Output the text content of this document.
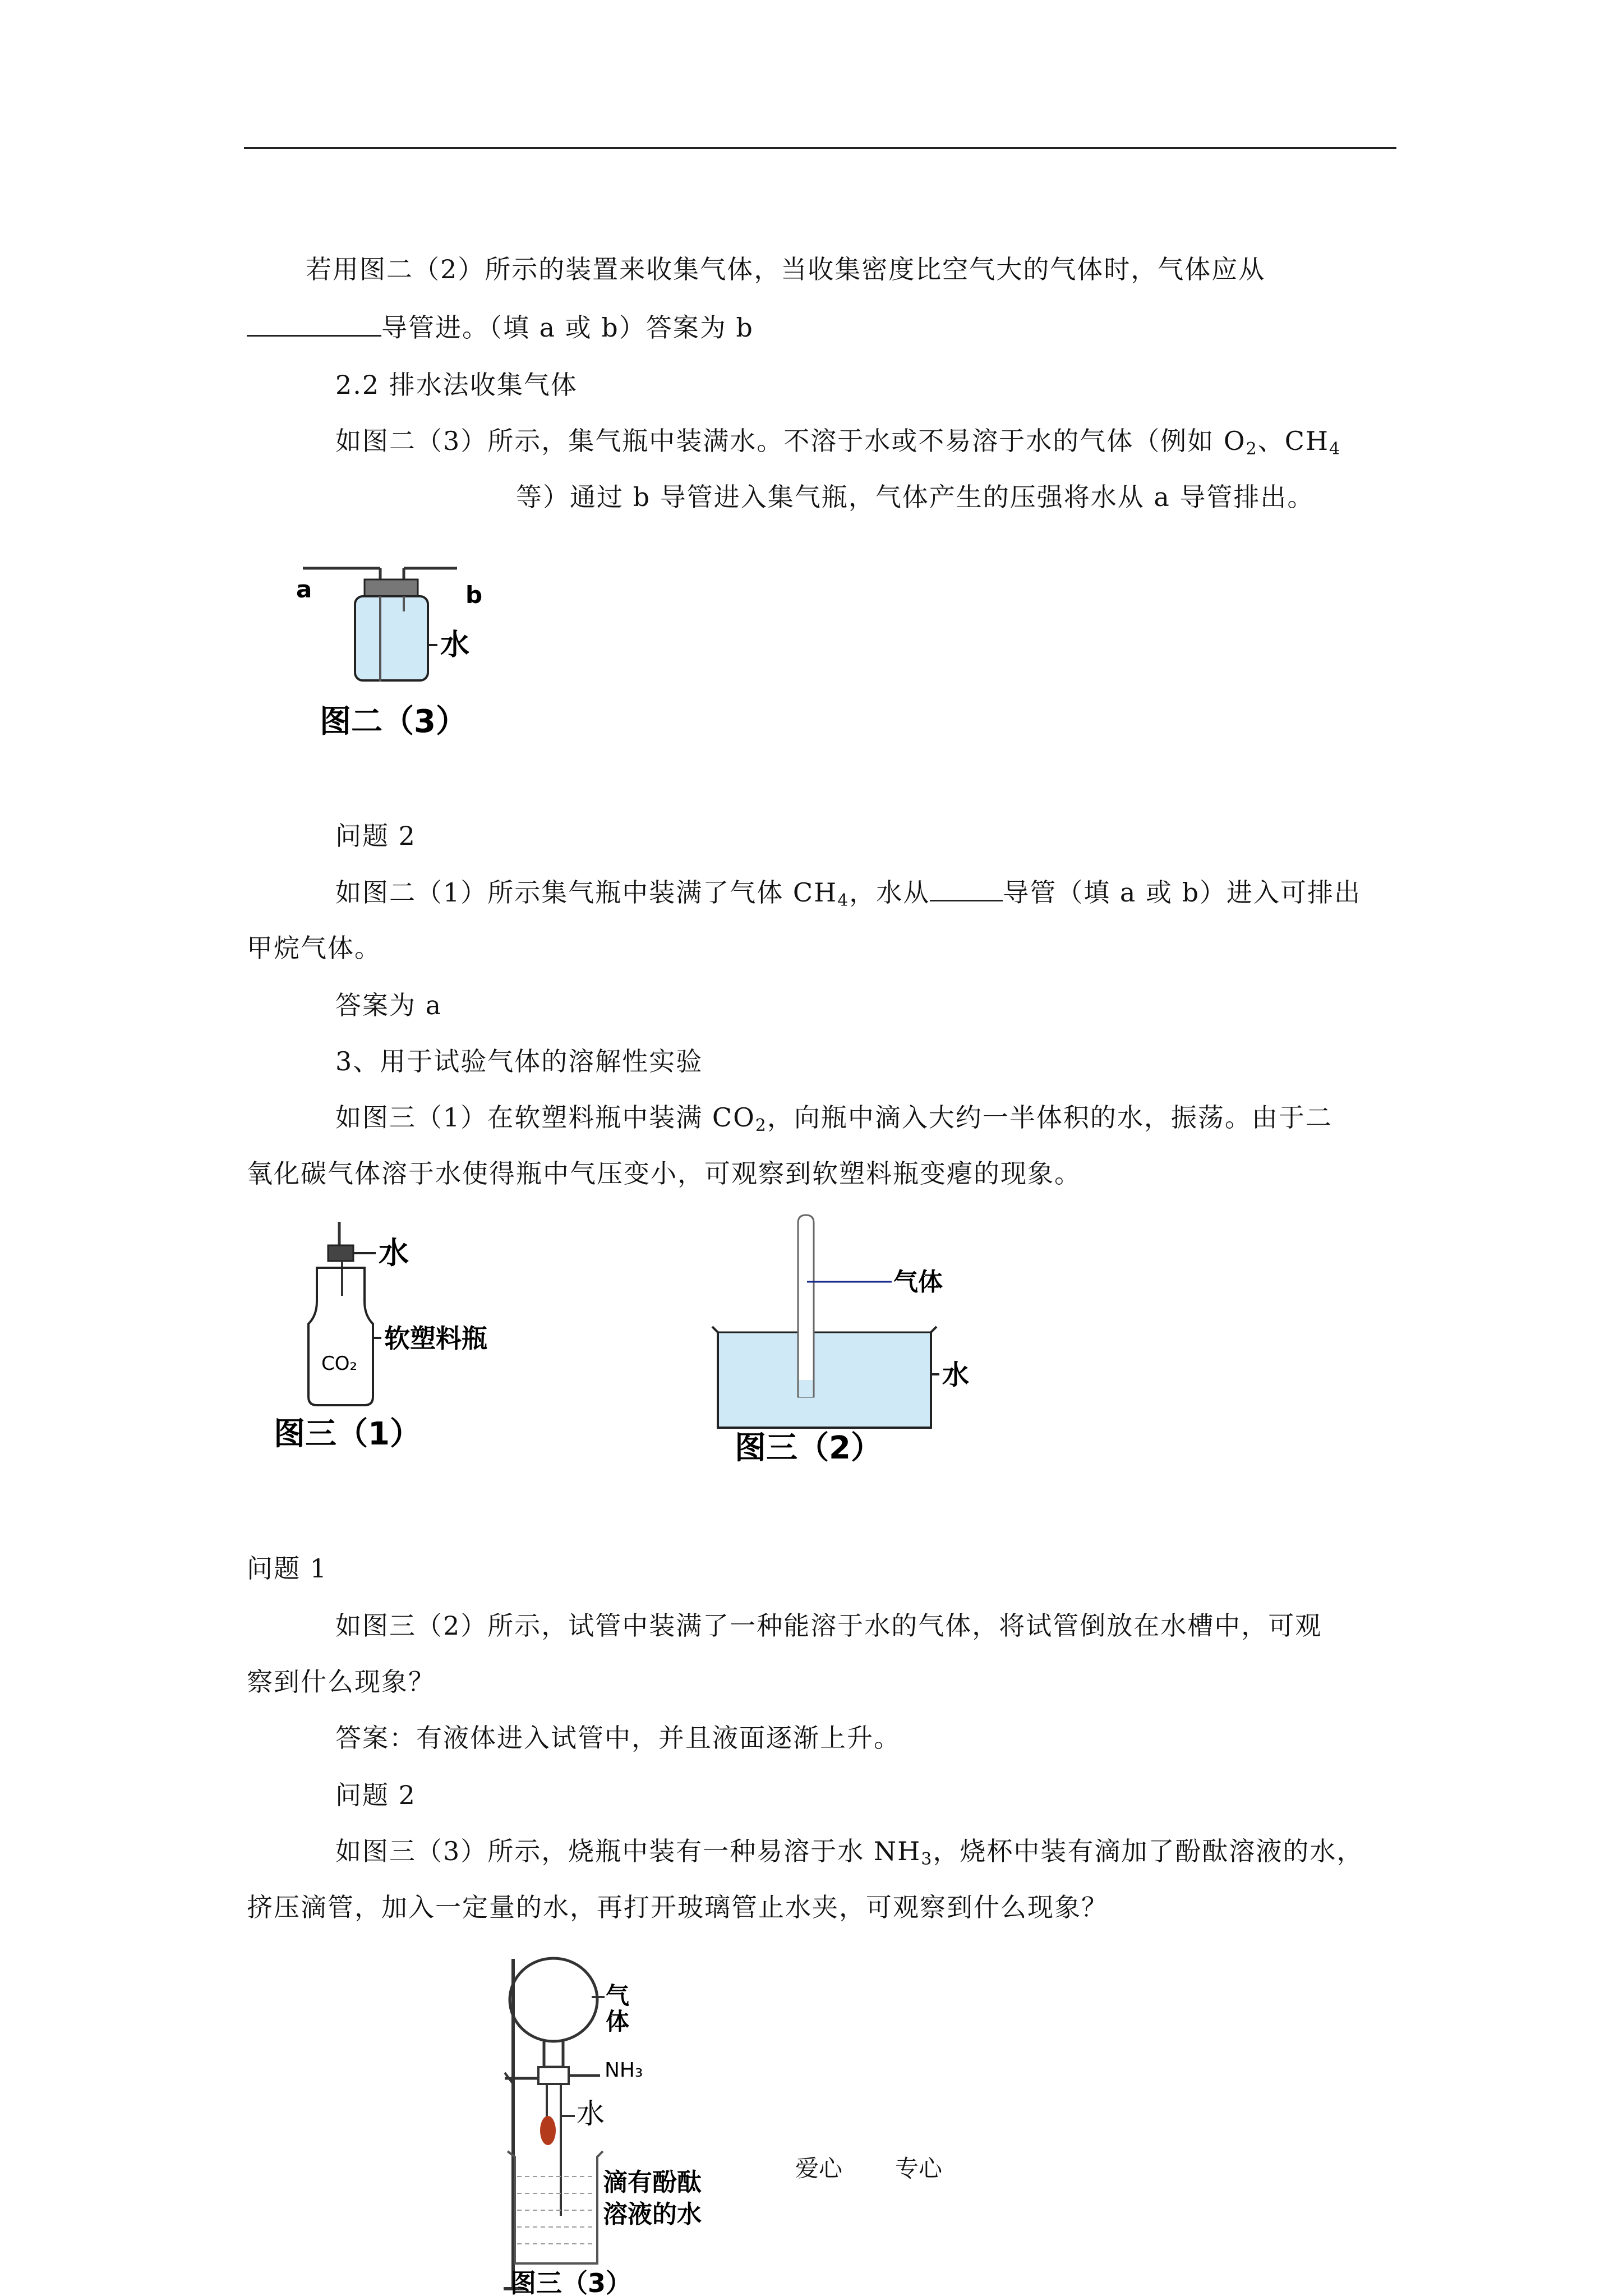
若用图二（2）所示的装置来收集气体，当收集密度比空气大的气体时，气体应从
导管进。（填 a 或 b）答案为 b
2.2 排水法收集气体
如图二（3）所示，集气瓶中装满水。不溶于水或不易溶于水的气体（例如 $O_2$、$CH_4$
等）通过 b 导管进入集气瓶，气体产生的压强将水从 a 导管排出。
a	b
水
图二（3）
问题 2
如图二（1）所示集气瓶中装满了气体 $CH_4$，水从	导管（填 a 或 b）进入可排出
甲烷气体。
答案为 a
3、用于试验气体的溶解性实验
如图三（1）在软塑料瓶中装满 $CO_2$，向瓶中滴入大约一半体积的水，振荡。由于二
氧化碳气体溶于水使得瓶中气压变小，可观察到软塑料瓶变瘪的现象。
水
软塑料瓶
CO₂
图三（1）
气体
水
图三（2）
问题 1
如图三（2）所示，试管中装满了一种能溶于水的气体，将试管倒放在水槽中，可观
察到什么现象？
答案：有液体进入试管中，并且液面逐渐上升。
问题 2
如图三（3）所示，烧瓶中装有一种易溶于水 $NH_3$，烧杯中装有滴加了酚酞溶液的水，
挤压滴管，加入一定量的水，再打开玻璃管止水夹，可观察到什么现象？
气
体
NH₃
水
滴有酚酞
溶液的水
图三（3）
爱心 专心
